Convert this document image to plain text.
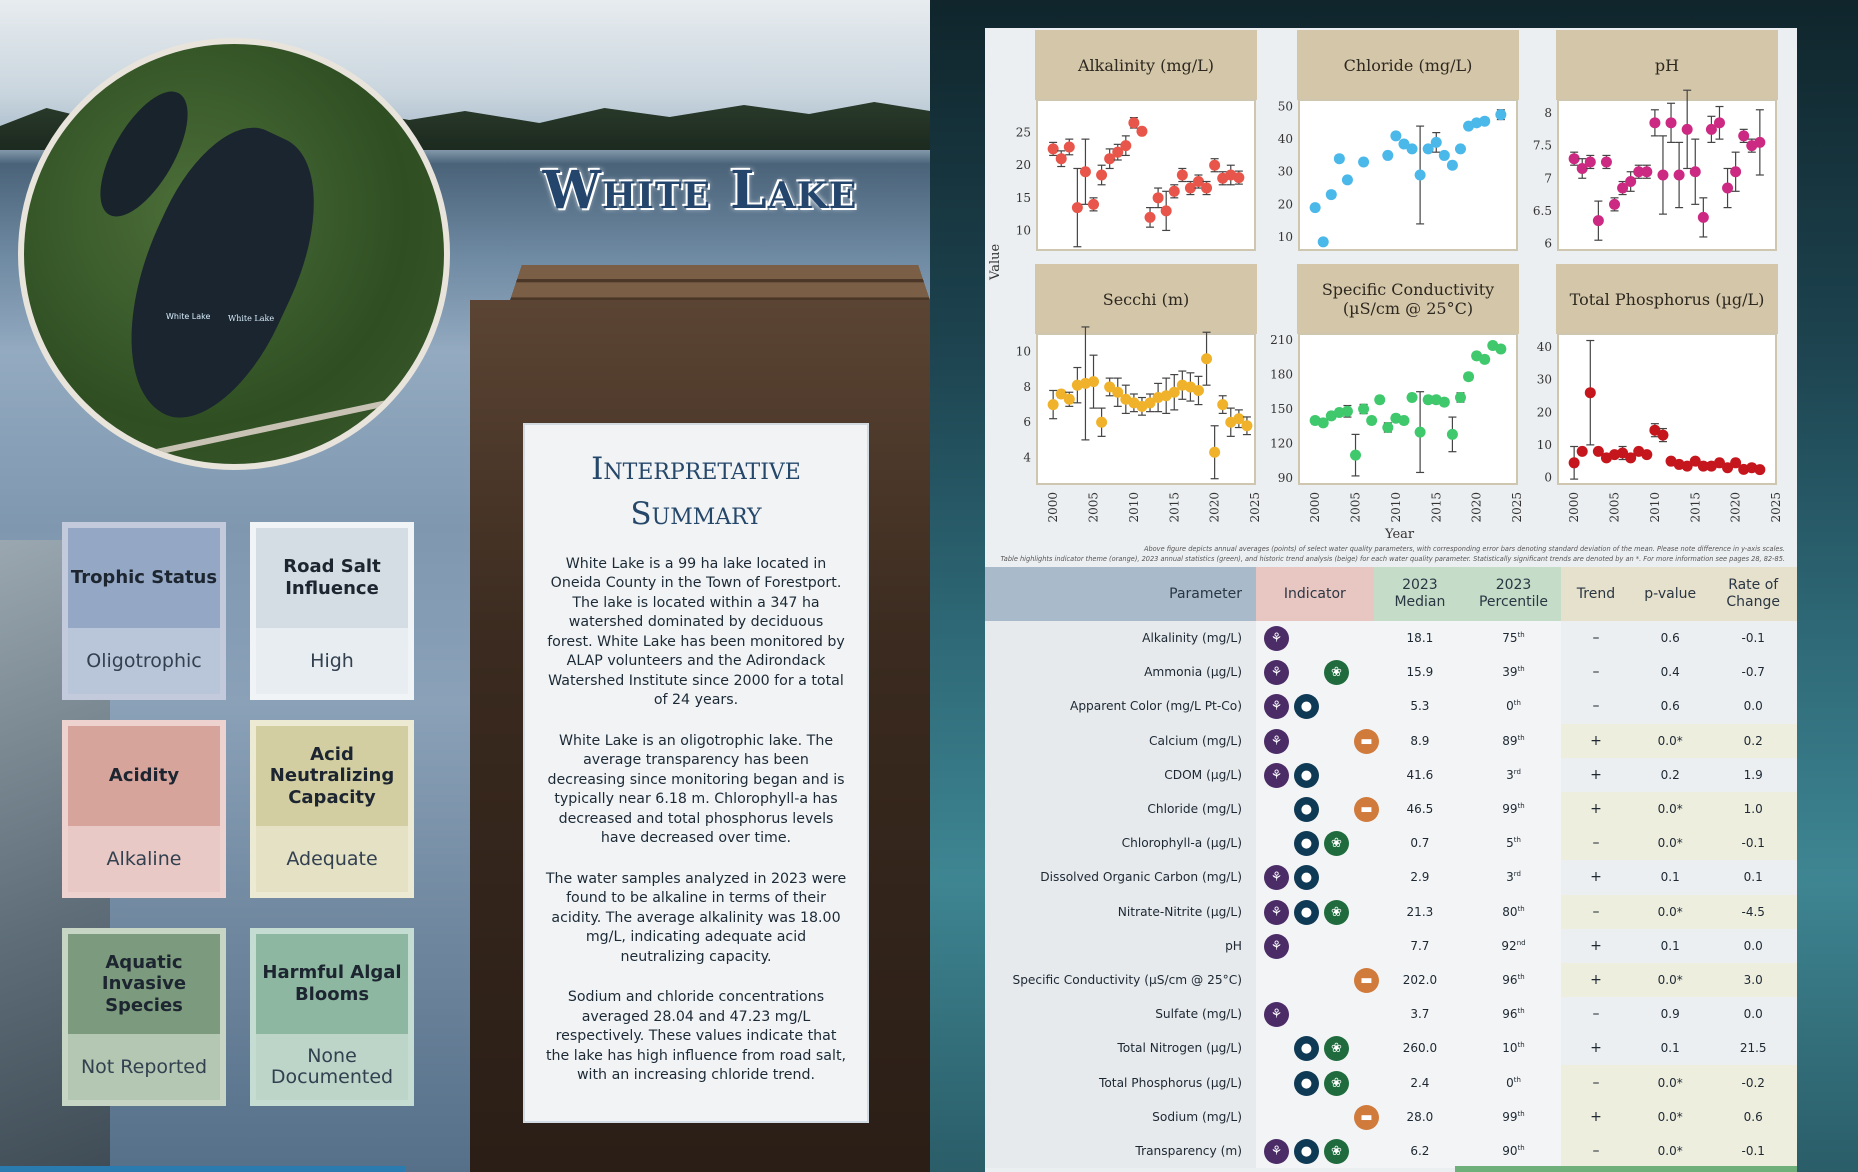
White Lake White Lake
White Lake
Trophic Status
Oligotrophic
Road Salt Influence
High
Acidity
Alkaline
Acid Neutralizing Capacity
Adequate
Aquatic Invasive Species
Not Reported
Harmful Algal Blooms
None Documented
Interpretative Summary

White Lake is a 99 ha lake located in Oneida County in the Town of Forestport. The lake is located within a 347 ha watershed dominated by deciduous forest. White Lake has been monitored by ALAP volunteers and the Adirondack Watershed Institute since 2000 for a total of 24 years.

White Lake is an oligotrophic lake. The average transparency has been decreasing since monitoring began and is typically near 6.18 m. Chlorophyll-a has decreased and total phosphorus levels have decreased over time.

The water samples analyzed in 2023 were found to be alkaline in terms of their acidity. The average alkalinity was 18.00 mg/L, indicating adequate acid neutralizing capacity.

Sodium and chloride concentrations averaged 28.04 and 47.23 mg/L respectively. These values indicate that the lake has high influence from road salt, with an increasing chloride trend.

Alkalinity (mg/L)
10
15
20
25
Chloride (mg/L)
10
20
30
40
50
pH
6
6.5
7
7.5
8
Secchi (m)
4
6
8
10
2000 2005 2010 2015 2020 2025
Specific Conductivity (µS/cm @ 25°C)
90
120
150
180
210
2000 2005 2010 2015 2020 2025
Total Phosphorus (µg/L)
0
10
20
30
40
2000 2005 2010 2015 2020 2025
Value
Year
Above figure depicts annual averages (points) of select water quality parameters, with corresponding error bars denoting standard deviation of the mean. Please note difference in y-axis scales.
Table highlights indicator theme (orange), 2023 annual statistics (green), and historic trend analysis (beige) for each water quality parameter. Statistically significant trends are denoted by an *. For more information see pages 28, 82-85.
Parameter	Indicator	2023 Median	2023 Percentile	Trend	p-value	Rate of Change
Alkalinity (mg/L)	⚘	18.1	75th	–	0.6	-0.1
Ammonia (µg/L)	⚘ ❀	15.9	39th	–	0.4	-0.7
Apparent Color (mg/L Pt-Co)	⚘ ●	5.3	0th	–	0.6	0.0
Calcium (mg/L)	⚘ ▬	8.9	89th	+	0.0*	0.2
CDOM (µg/L)	⚘ ●	41.6	3rd	+	0.2	1.9
Chloride (mg/L)	● ▬	46.5	99th	+	0.0*	1.0
Chlorophyll-a (µg/L)	● ❀	0.7	5th	–	0.0*	-0.1
Dissolved Organic Carbon (mg/L)	⚘ ●	2.9	3rd	+	0.1	0.1
Nitrate-Nitrite (µg/L)	⚘ ● ❀	21.3	80th	–	0.0*	-4.5
pH	⚘	7.7	92nd	+	0.1	0.0
Specific Conductivity (µS/cm @ 25°C)	▬	202.0	96th	+	0.0*	3.0
Sulfate (mg/L)	⚘	3.7	96th	–	0.9	0.0
Total Nitrogen (µg/L)	● ❀	260.0	10th	+	0.1	21.5
Total Phosphorus (µg/L)	● ❀	2.4	0th	–	0.0*	-0.2
Sodium (mg/L)	▬	28.0	99th	+	0.0*	0.6
Transparency (m)	⚘ ● ❀	6.2	90th	–	0.0*	-0.1
